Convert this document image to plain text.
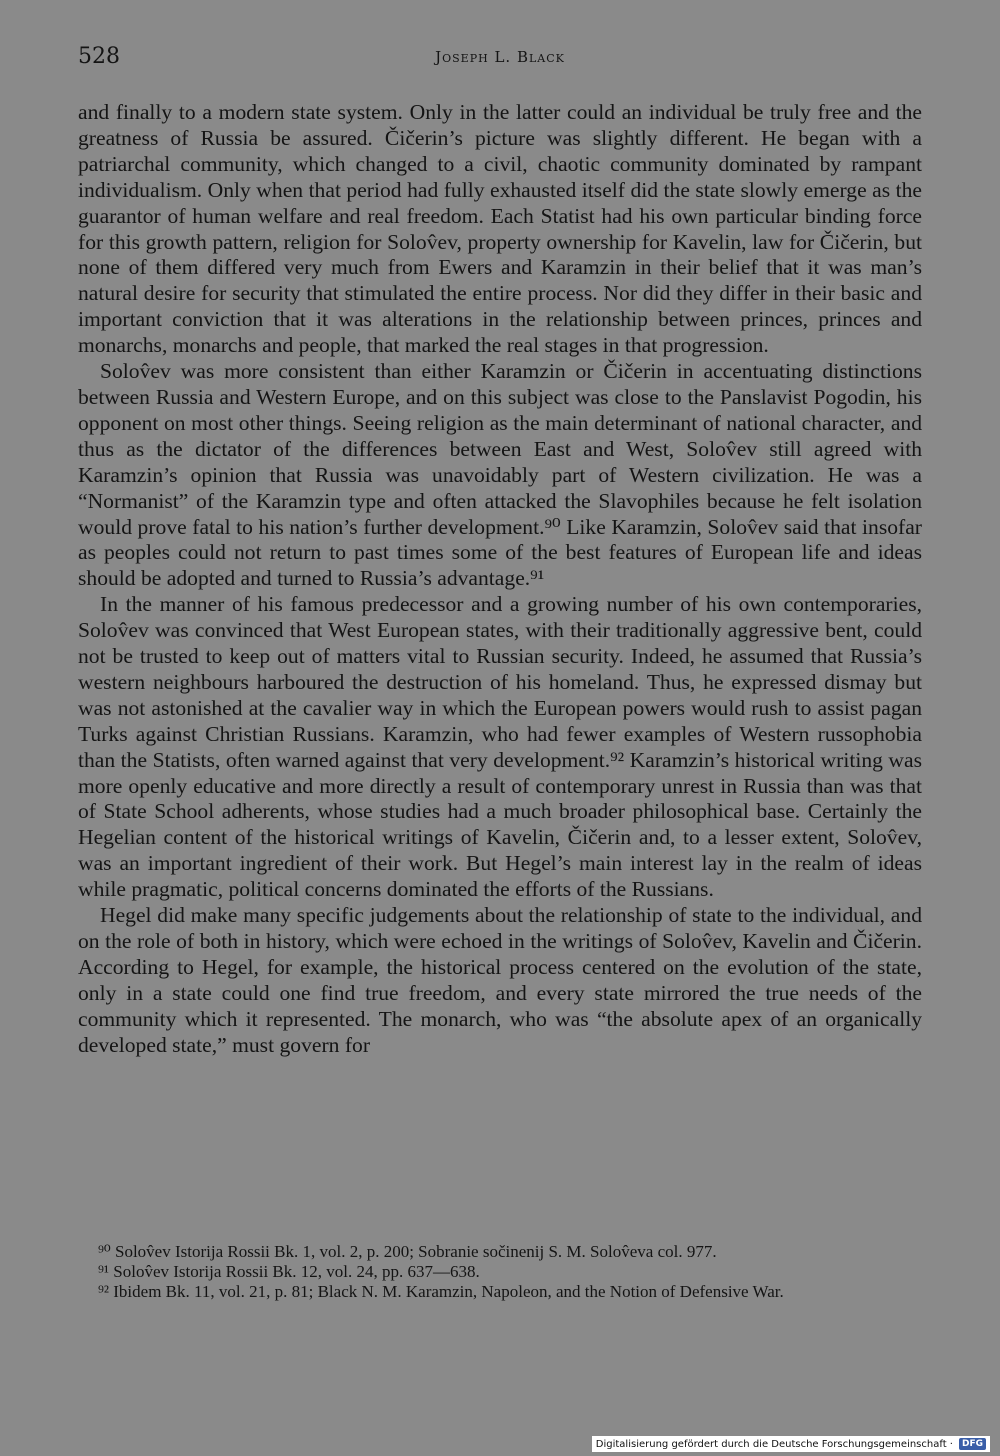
528	Joseph L. Black

and finally to a modern state system. Only in the latter could an individual be truly free and the greatness of Russia be assured. Čičerin’s picture was slightly different. He began with a patriarchal community, which changed to a civil, chaotic community dominated by rampant individualism. Only when that period had fully exhausted itself did the state slowly emerge as the guarantor of human welfare and real freedom. Each Statist had his own particular binding force for this growth pattern, religion for Solov̂ev, property ownership for Kavelin, law for Čičerin, but none of them differed very much from Ewers and Karamzin in their belief that it was man’s natural desire for security that stimulated the entire process. Nor did they differ in their basic and important conviction that it was alterations in the relationship between princes, princes and monarchs, monarchs and people, that marked the real stages in that progression.

Solov̂ev was more consistent than either Karamzin or Čičerin in accentuating distinctions between Russia and Western Europe, and on this subject was close to the Panslavist Pogodin, his opponent on most other things. Seeing religion as the main determinant of national character, and thus as the dictator of the differences between East and West, Solov̂ev still agreed with Karamzin’s opinion that Russia was unavoidably part of Western civilization. He was a “Normanist” of the Karamzin type and often attacked the Slavophiles because he felt isolation would prove fatal to his nation’s further development.⁹⁰ Like Karamzin, Solov̂ev said that insofar as peoples could not return to past times some of the best features of European life and ideas should be adopted and turned to Russia’s advantage.⁹¹

In the manner of his famous predecessor and a growing number of his own contemporaries, Solov̂ev was convinced that West European states, with their traditionally aggressive bent, could not be trusted to keep out of matters vital to Russian security. Indeed, he assumed that Russia’s western neighbours harboured the destruction of his homeland. Thus, he expressed dismay but was not astonished at the cavalier way in which the European powers would rush to assist pagan Turks against Christian Russians. Karamzin, who had fewer examples of Western russophobia than the Statists, often warned against that very development.⁹² Karamzin’s historical writing was more openly educative and more directly a result of contemporary unrest in Russia than was that of State School adherents, whose studies had a much broader philosophical base. Certainly the Hegelian content of the historical writings of Kavelin, Čičerin and, to a lesser extent, Solov̂ev, was an important ingredient of their work. But Hegel’s main interest lay in the realm of ideas while pragmatic, political concerns dominated the efforts of the Russians.

Hegel did make many specific judgements about the relationship of state to the individual, and on the role of both in history, which were echoed in the writings of Solov̂ev, Kavelin and Čičerin. According to Hegel, for example, the historical process centered on the evolution of the state, only in a state could one find true freedom, and every state mirrored the true needs of the community which it represented. The monarch, who was “the absolute apex of an organically developed state,” must govern for

⁹⁰ Solov̂ev Istorija Rossii Bk. 1, vol. 2, p. 200; Sobranie sočinenij S. M. Solov̂eva col. 977.

⁹¹ Solov̂ev Istorija Rossii Bk. 12, vol. 24, pp. 637—638.

⁹² Ibidem Bk. 11, vol. 21, p. 81; Black N. M. Karamzin, Napoleon, and the Notion of Defensive War.

Digitalisierung gefördert durch die Deutsche Forschungsgemeinschaft ·	DFG
